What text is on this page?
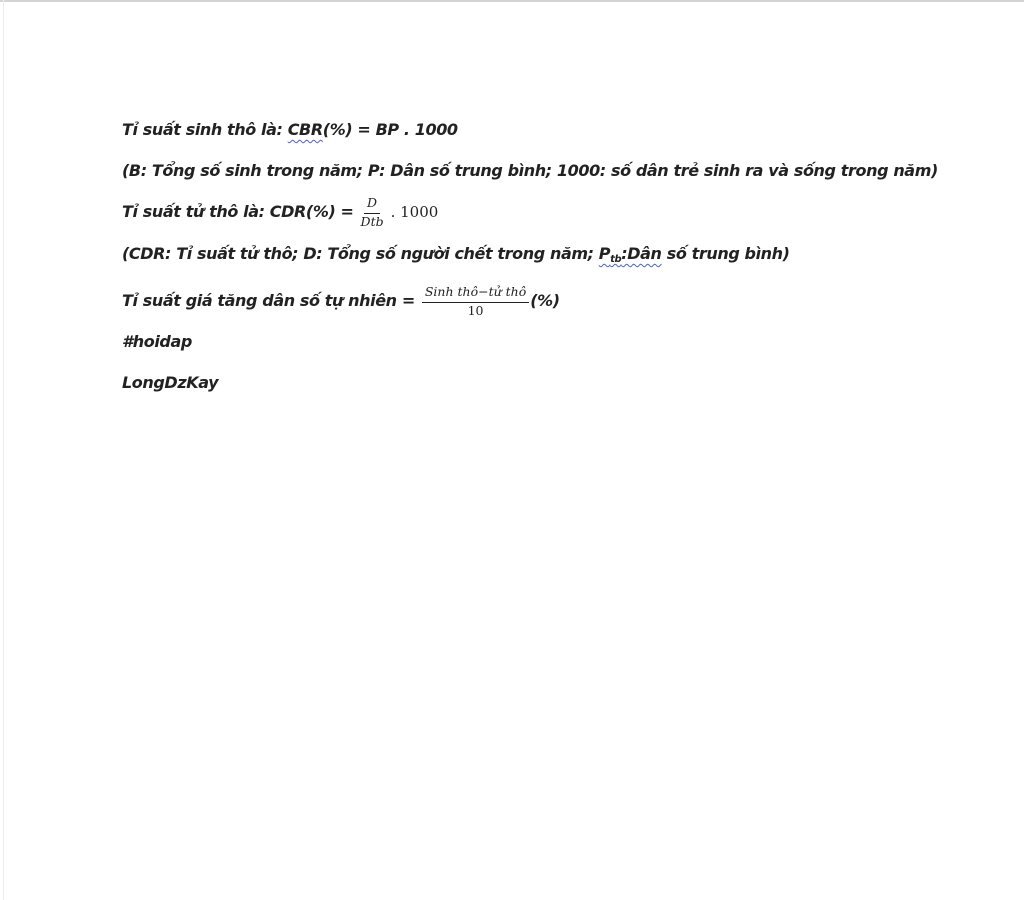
Tỉ suất sinh thô là: CBR(%) = BP . 1000
(B: Tổng số sinh trong năm; P: Dân số trung bình; 1000: số dân trẻ sinh ra và sống trong năm)
Tỉ suất tử thô là: $CDR(\%) = \frac{D}{\text{Dtb}}$ . 1000
(CDR: Tỉ suất tử thô; D: Tổng số người chết trong năm; $P_{tb}:Dân$ số trung bình)
Tỉ suất giá tăng dân số tự nhiên = $\frac{\text{Sinh thô−tử thô}}{10}$ (%)
#hoidap
LongDzKay
